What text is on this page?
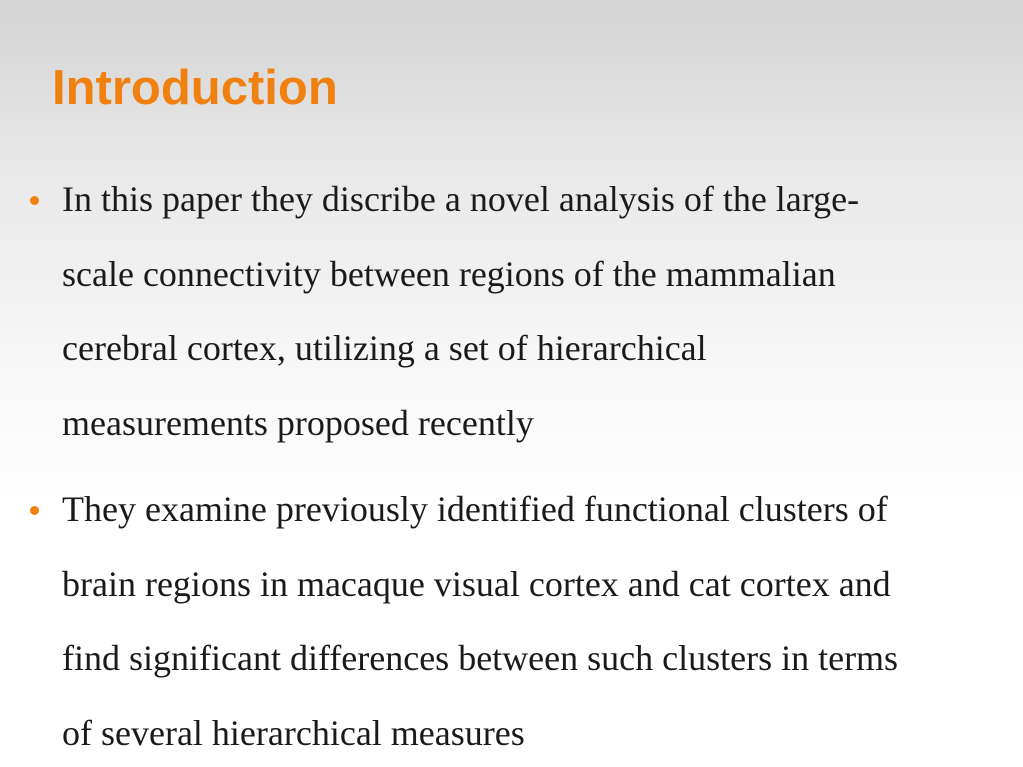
Introduction
In this paper they discribe a novel analysis of the large-
scale connectivity between regions of the mammalian
cerebral cortex, utilizing a set of hierarchical
measurements proposed recently
They examine previously identified functional clusters of
brain regions in macaque visual cortex and cat cortex and
find significant differences between such clusters in terms
of several hierarchical measures
